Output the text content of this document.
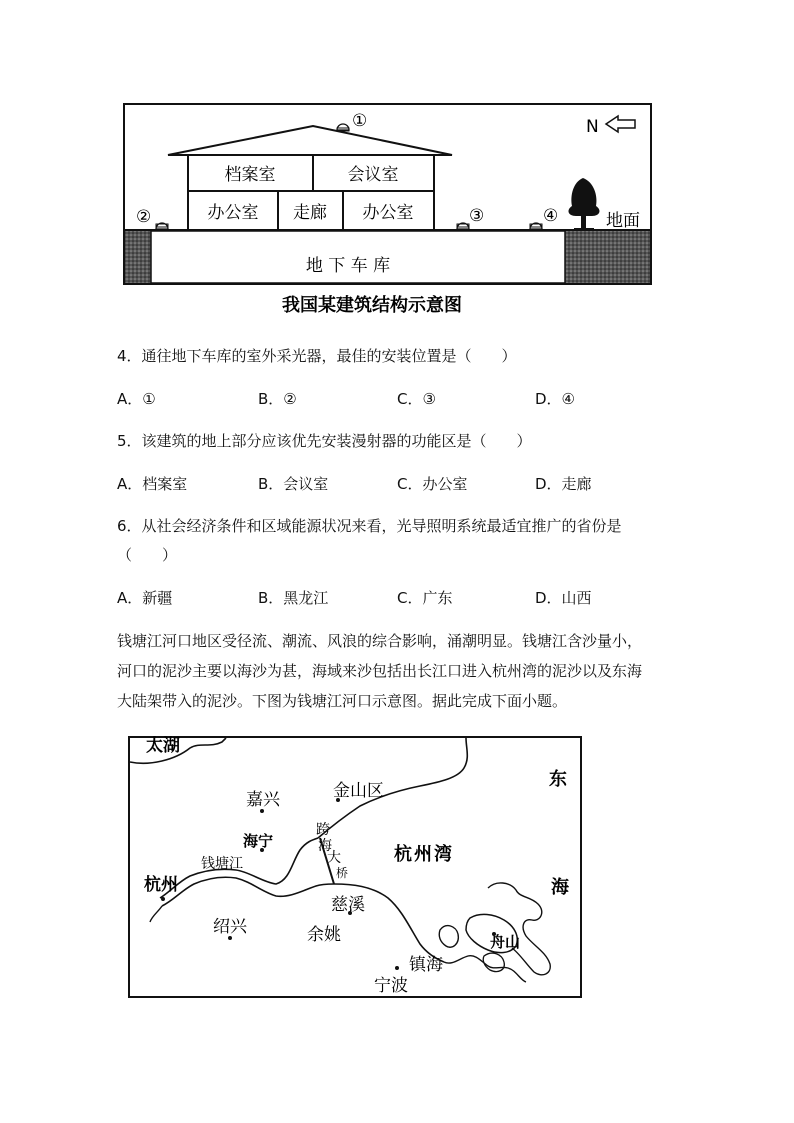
N
档案室	会议室
办公室 走廊 办公室
地 下 车 库
地面
①
②	③	④
我国某建筑结构示意图
4．通往地下车库的室外采光器，最佳的安装位置是（　　）
A．①	B．②	C．③	D．④
5．该建筑的地上部分应该优先安装漫射器的功能区是（　　）
A．档案室	B．会议室	C．办公室	D．走廊
6．从社会经济条件和区域能源状况来看，光导照明系统最适宜推广的省份是
（　　）
A．新疆	B．黑龙江	C．广东	D．山西
钱塘江河口地区受径流、潮流、风浪的综合影响，涌潮明显。钱塘江含沙量小，
河口的泥沙主要以海沙为甚，海域来沙包括出长江口进入杭州湾的泥沙以及东海
大陆架带入的泥沙。下图为钱塘江河口示意图。据此完成下面小题。
太湖
嘉兴	金山区
海宁
钱塘江
跨
海
大
桥
杭州湾
杭州
绍兴	余姚
慈溪
镇海
宁波
舟山
东
海
